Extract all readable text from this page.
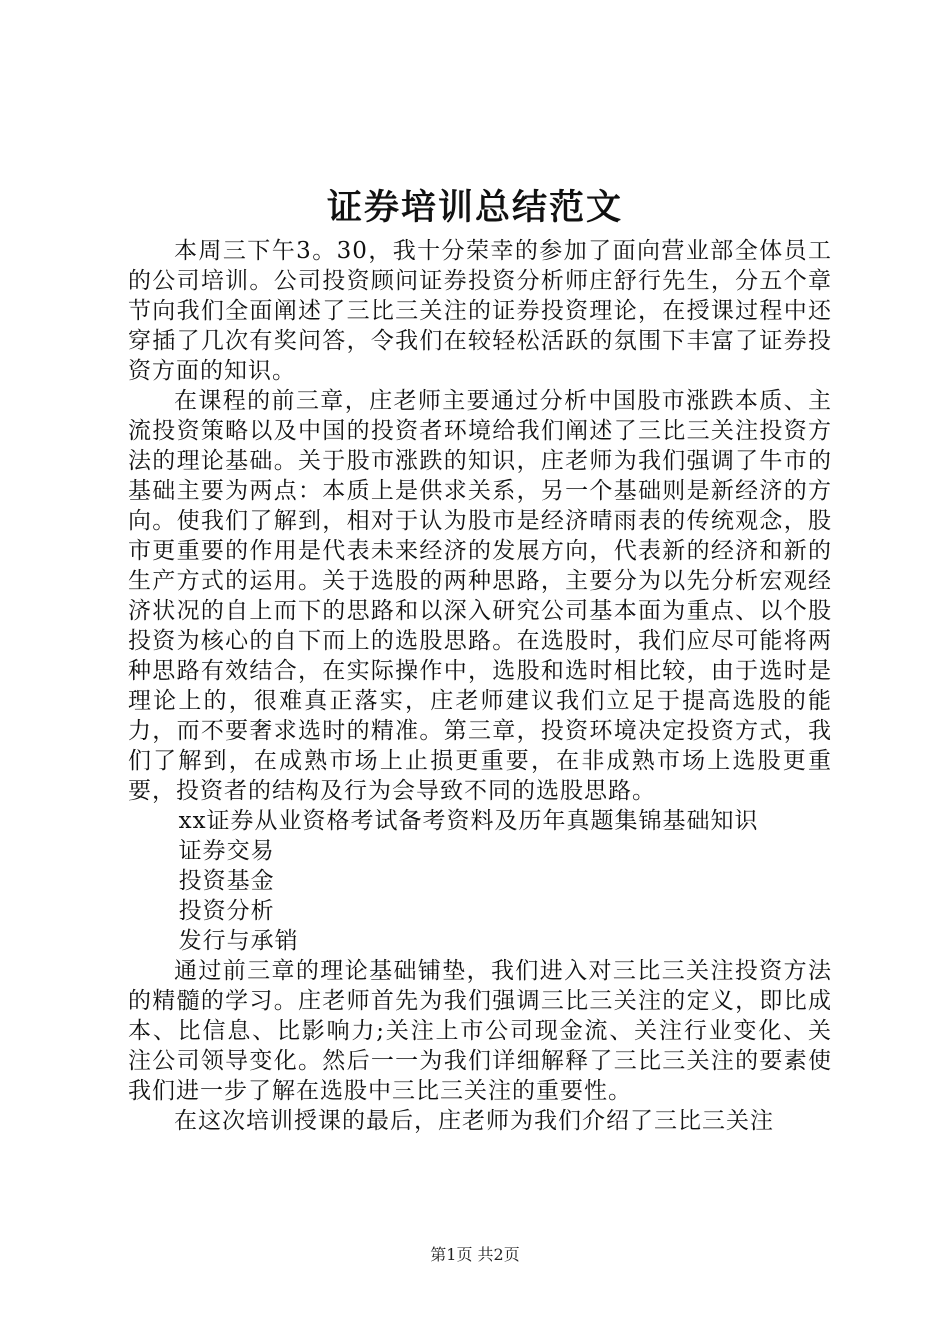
证券培训总结范文

本周三下午3。30，我十分荣幸的参加了面向营业部全体员工的公司培训。公司投资顾问证券投资分析师庄舒行先生，分五个章节向我们全面阐述了三比三关注的证券投资理论，在授课过程中还穿插了几次有奖问答，令我们在较轻松活跃的氛围下丰富了证券投资方面的知识。

在课程的前三章，庄老师主要通过分析中国股市涨跌本质、主流投资策略以及中国的投资者环境给我们阐述了三比三关注投资方法的理论基础。关于股市涨跌的知识，庄老师为我们强调了牛市的基础主要为两点：本质上是供求关系，另一个基础则是新经济的方向。使我们了解到，相对于认为股市是经济晴雨表的传统观念，股市更重要的作用是代表未来经济的发展方向，代表新的经济和新的生产方式的运用。关于选股的两种思路，主要分为以先分析宏观经济状况的自上而下的思路和以深入研究公司基本面为重点、以个股投资为核心的自下而上的选股思路。在选股时，我们应尽可能将两种思路有效结合，在实际操作中，选股和选时相比较，由于选时是理论上的，很难真正落实，庄老师建议我们立足于提高选股的能力，而不要奢求选时的精准。第三章，投资环境决定投资方式，我们了解到，在成熟市场上止损更重要，在非成熟市场上选股更重要，投资者的结构及行为会导致不同的选股思路。

xx证券从业资格考试备考资料及历年真题集锦基础知识

证券交易

投资基金

投资分析

发行与承销

通过前三章的理论基础铺垫，我们进入对三比三关注投资方法的精髓的学习。庄老师首先为我们强调三比三关注的定义，即比成本、比信息、比影响力;关注上市公司现金流、关注行业变化、关注公司领导变化。然后一一为我们详细解释了三比三关注的要素使我们进一步了解在选股中三比三关注的重要性。

在这次培训授课的最后，庄老师为我们介绍了三比三关注

第1页 共2页
